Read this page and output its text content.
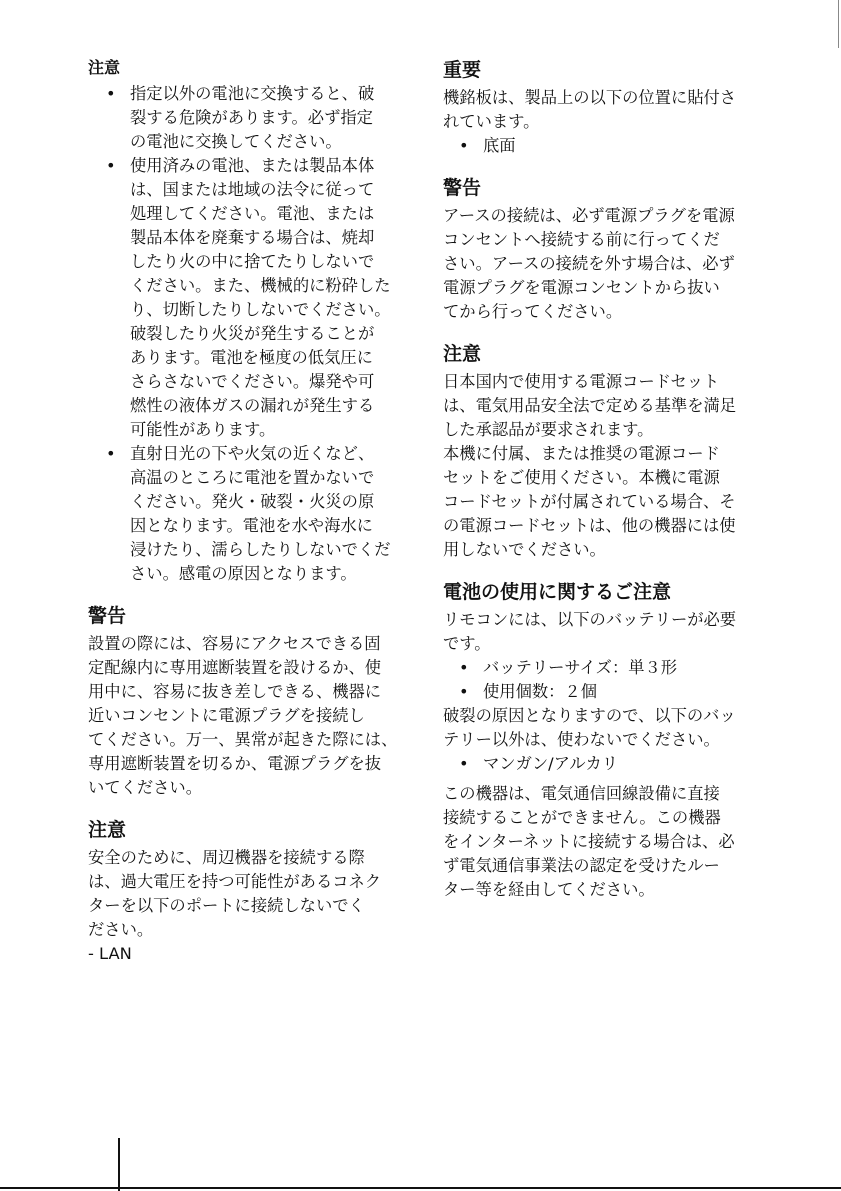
注意
• 指定以外の電池に交換すると、破
裂する危険があります。必ず指定
の電池に交換してください。
• 使用済みの電池、または製品本体
は、国または地域の法令に従って
処理してください。電池、または
製品本体を廃棄する場合は、焼却
したり火の中に捨てたりしないで
ください。また、機械的に粉砕した
り、切断したりしないでください。
破裂したり火災が発生することが
あります。電池を極度の低気圧に
さらさないでください。爆発や可
燃性の液体ガスの漏れが発生する
可能性があります。
• 直射日光の下や火気の近くなど、
高温のところに電池を置かないで
ください。発火・破裂・火災の原
因となります。電池を水や海水に
浸けたり、濡らしたりしないでくだ
さい。感電の原因となります。
警告
設置の際には、容易にアクセスできる固
定配線内に専用遮断装置を設けるか、使
用中に、容易に抜き差しできる、機器に
近いコンセントに電源プラグを接続し
てください。万一、異常が起きた際には、
専用遮断装置を切るか、電源プラグを抜
いてください。
注意
安全のために、周辺機器を接続する際
は、過大電圧を持つ可能性があるコネク
ターを以下のポートに接続しないでく
ださい。
- LAN
重要
機銘板は、製品上の以下の位置に貼付さ
れています。
• 底面
警告
アースの接続は、必ず電源プラグを電源
コンセントへ接続する前に行ってくだ
さい。アースの接続を外す場合は、必ず
電源プラグを電源コンセントから抜い
てから行ってください。
注意
日本国内で使用する電源コードセット
は、電気用品安全法で定める基準を満足
した承認品が要求されます。
本機に付属、または推奨の電源コード
セットをご使用ください。本機に電源
コードセットが付属されている場合、そ
の電源コードセットは、他の機器には使
用しないでください。
電池の使用に関するご注意
リモコンには、以下のバッテリーが必要
です。
• バッテリーサイズ：単３形
• 使用個数：２個
破裂の原因となりますので、以下のバッ
テリー以外は、使わないでください。
• マンガン/アルカリ
この機器は、電気通信回線設備に直接
接続することができません。この機器
をインターネットに接続する場合は、必
ず電気通信事業法の認定を受けたルー
ター等を経由してください。
